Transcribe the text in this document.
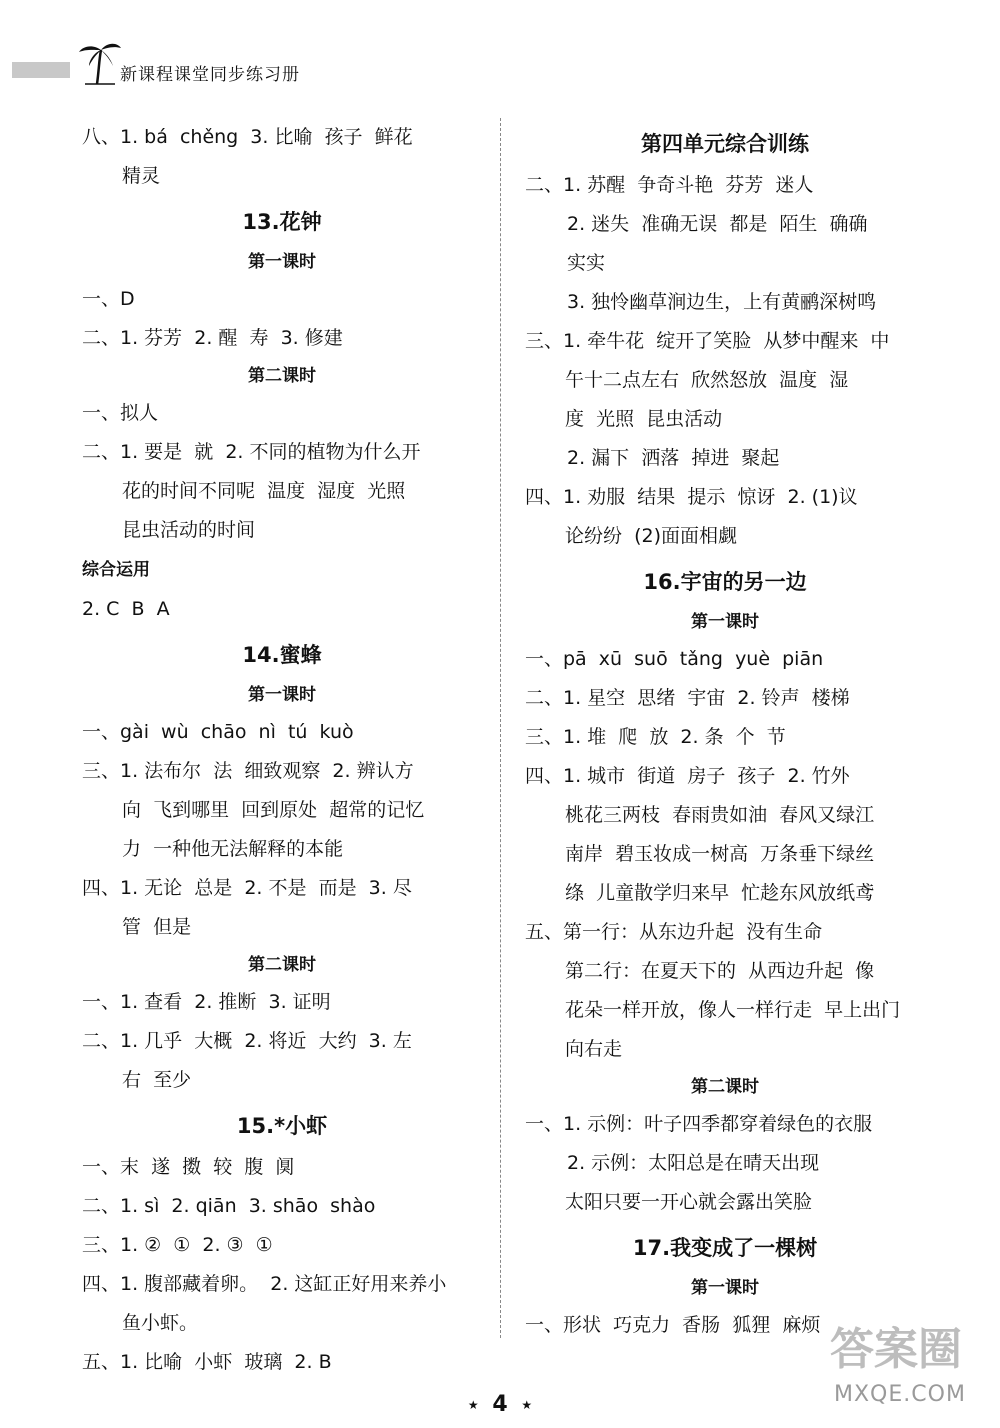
新课程课堂同步练习册
八、1. bá  chěng  3. 比喻  孩子  鲜花
精灵
13.花钟
第一课时
一、D
二、1. 芬芳  2. 醒  寿  3. 修建
第二课时
一、拟人
二、1. 要是  就  2. 不同的植物为什么开
花的时间不同呢  温度  湿度  光照
昆虫活动的时间
综合运用
2. C  B  A
14.蜜蜂
第一课时
一、gài  wù  chāo  nì  tú  kuò
三、1. 法布尔  法  细致观察  2. 辨认方
向  飞到哪里  回到原处  超常的记忆
力  一种他无法解释的本能
四、1. 无论  总是  2. 不是  而是  3. 尽
管  但是
第二课时
一、1. 查看  2. 推断  3. 证明
二、1. 几乎  大概  2. 将近  大约  3. 左
右  至少
15.*小虾
一、末  遂  擞  较  腹  阒
二、1. sì  2. qiān  3. shāo  shào
三、1. ②  ①  2. ③  ①
四、1. 腹部藏着卵。  2. 这缸正好用来养小
鱼小虾。
五、1. 比喻  小虾  玻璃  2. B
第四单元综合训练
二、1. 苏醒  争奇斗艳  芬芳  迷人
2. 迷失  准确无误  都是  陌生  确确
实实
3. 独怜幽草涧边生，上有黄鹂深树鸣
三、1. 牵牛花  绽开了笑脸  从梦中醒来  中
午十二点左右  欣然怒放  温度  湿
度  光照  昆虫活动
2. 漏下  洒落  掉进  聚起
四、1. 劝服  结果  提示  惊讶  2. (1)议
论纷纷  (2)面面相觑
16.宇宙的另一边
第一课时
一、pā  xū  suō  tǎng  yuè  piān
二、1. 星空  思绪  宇宙  2. 铃声  楼梯
三、1. 堆  爬  放  2. 条  个  节
四、1. 城市  街道  房子  孩子  2. 竹外
桃花三两枝  春雨贵如油  春风又绿江
南岸  碧玉妆成一树高  万条垂下绿丝
绦  儿童散学归来早  忙趁东风放纸鸢
五、第一行：从东边升起  没有生命
第二行：在夏天下的  从西边升起  像
花朵一样开放，像人一样行走  早上出门
向右走
第二课时
一、1. 示例：叶子四季都穿着绿色的衣服
2. 示例：太阳总是在晴天出现
太阳只要一开心就会露出笑脸
17.我变成了一棵树
第一课时
一、形状  巧克力  香肠  狐狸  麻烦
★ 4 ★
答案圈
MXQE.COM
